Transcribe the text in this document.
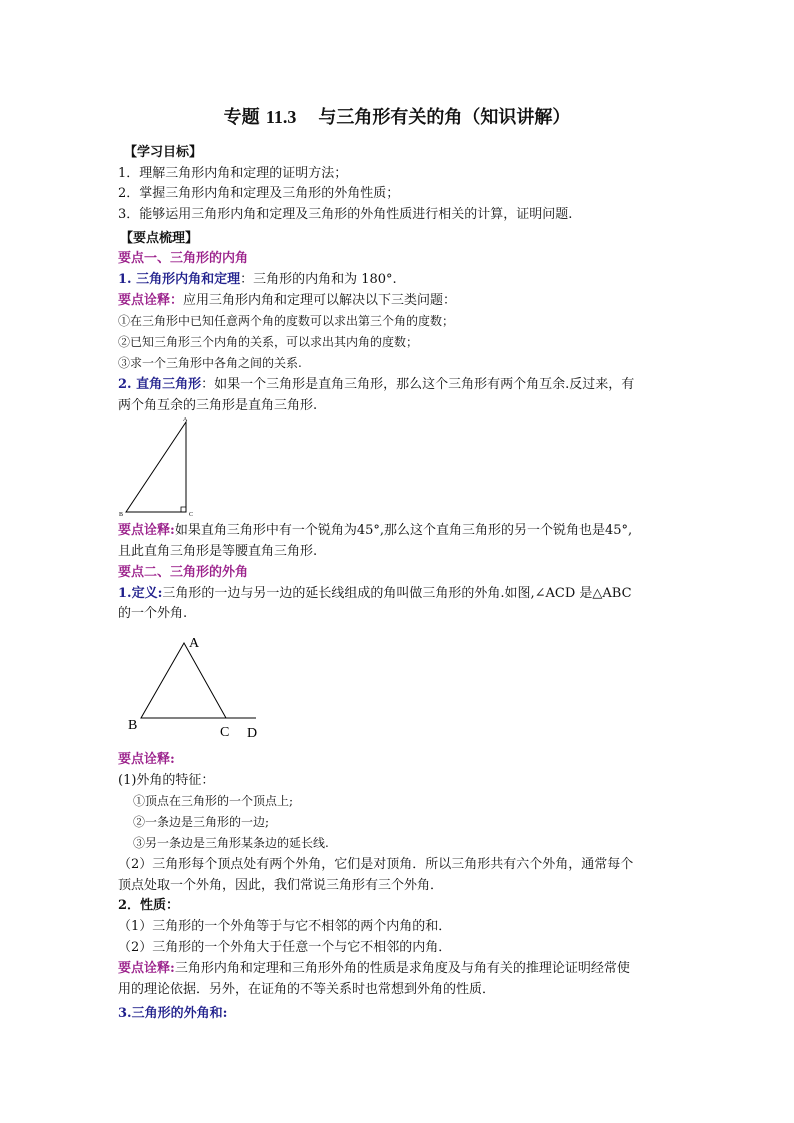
专题 11.3 与三角形有关的角（知识讲解）
【学习目标】
1．理解三角形内角和定理的证明方法；
2．掌握三角形内角和定理及三角形的外角性质；
3．能够运用三角形内角和定理及三角形的外角性质进行相关的计算，证明问题.
【要点梳理】
要点一、三角形的内角
1. 三角形内角和定理：三角形的内角和为 180°.
要点诠释：应用三角形内角和定理可以解决以下三类问题：
①在三角形中已知任意两个角的度数可以求出第三个角的度数；
②已知三角形三个内角的关系，可以求出其内角的度数；
③求一个三角形中各角之间的关系.
2. 直角三角形：如果一个三角形是直角三角形，那么这个三角形有两个角互余.反过来，有
两个角互余的三角形是直角三角形.
A
B	C
要点诠释:如果直角三角形中有一个锐角为45°,那么这个直角三角形的另一个锐角也是45°,
且此直角三角形是等腰直角三角形.
要点二、三角形的外角
1.定义:三角形的一边与另一边的延长线组成的角叫做三角形的外角.如图,∠ACD 是△ABC
的一个外角.
A
B	C D
要点诠释:
(1)外角的特征：
①顶点在三角形的一个顶点上;
②一条边是三角形的一边;
③另一条边是三角形某条边的延长线.
（2）三角形每个顶点处有两个外角，它们是对顶角．所以三角形共有六个外角，通常每个
顶点处取一个外角，因此，我们常说三角形有三个外角．
2．性质：
（1）三角形的一个外角等于与它不相邻的两个内角的和．
（2）三角形的一个外角大于任意一个与它不相邻的内角．
要点诠释:三角形内角和定理和三角形外角的性质是求角度及与角有关的推理论证明经常使
用的理论依据．另外，在证角的不等关系时也常想到外角的性质．
3.三角形的外角和:
